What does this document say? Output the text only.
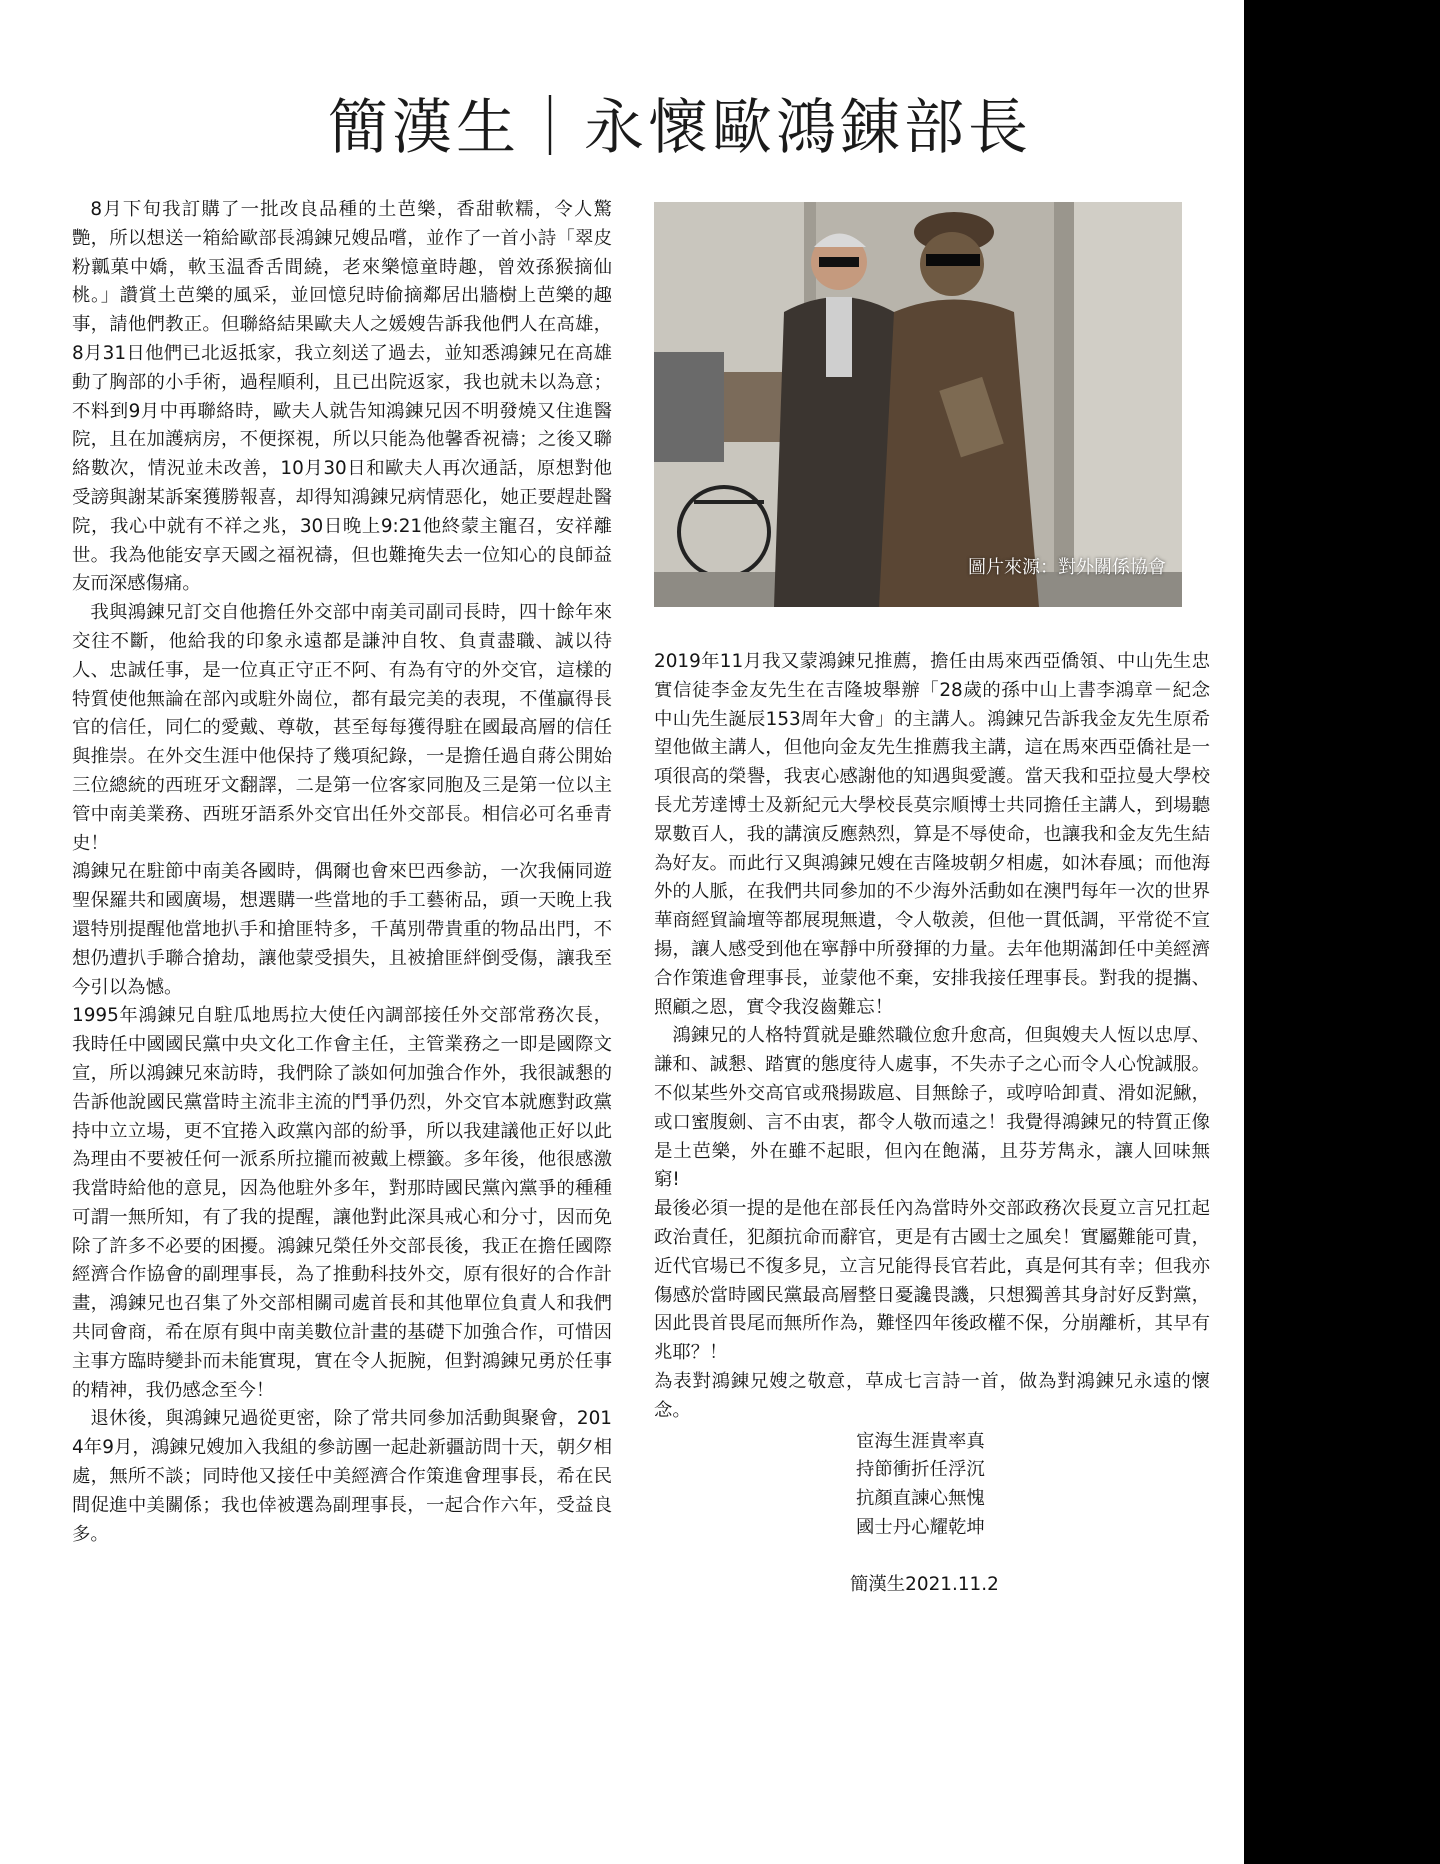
簡漢生｜永懷歐鴻錬部長

8月下旬我訂購了一批改良品種的土芭樂，香甜軟糯，令人驚艷，所以想送一箱給歐部長鴻錬兄嫂品嚐，並作了一首小詩「翠皮粉瓤菓中嬌，軟玉温香舌間繞，老來樂憶童時趣，曾效孫猴摘仙桃。」讚賞土芭樂的風采，並回憶兒時偷摘鄰居出牆樹上芭樂的趣事，請他們教正。但聯絡結果歐夫人之媛嫂告訴我他們人在高雄，8月31日他們已北返抵家，我立刻送了過去，並知悉鴻錬兄在高雄動了胸部的小手術，過程順利，且已出院返家，我也就未以為意；不料到9月中再聯絡時，歐夫人就告知鴻錬兄因不明發燒又住進醫院，且在加護病房，不便探視，所以只能為他馨香祝禱；之後又聯絡數次，情況並未改善，10月30日和歐夫人再次通話，原想對他受謗與謝某訴案獲勝報喜，却得知鴻錬兄病情惡化，她正要趕赴醫院，我心中就有不祥之兆，30日晚上9:21他終蒙主寵召，安祥離世。我為他能安享天國之福祝禱，但也難掩失去一位知心的良師益友而深感傷痛。

我與鴻錬兄訂交自他擔任外交部中南美司副司長時，四十餘年來交往不斷，他給我的印象永遠都是謙沖自牧、負責盡職、誠以待人、忠誠任事，是一位真正守正不阿、有為有守的外交官，這樣的特質使他無論在部內或駐外崗位，都有最完美的表現，不僅贏得長官的信任，同仁的愛戴、尊敬，甚至每每獲得駐在國最高層的信任與推崇。在外交生涯中他保持了幾項紀錄，一是擔任過自蔣公開始三位總統的西班牙文翻譯，二是第一位客家同胞及三是第一位以主管中南美業務、西班牙語系外交官出任外交部長。相信必可名垂青史！

鴻錬兄在駐節中南美各國時，偶爾也會來巴西參訪，一次我倆同遊聖保羅共和國廣場，想選購一些當地的手工藝術品，頭一天晚上我還特別提醒他當地扒手和搶匪特多，千萬別帶貴重的物品出門，不想仍遭扒手聯合搶劫，讓他蒙受損失，且被搶匪絆倒受傷，讓我至今引以為憾。

1995年鴻錬兄自駐瓜地馬拉大使任內調部接任外交部常務次長，我時任中國國民黨中央文化工作會主任，主管業務之一即是國際文宣，所以鴻錬兄來訪時，我們除了談如何加強合作外，我很誠懇的告訴他說國民黨當時主流非主流的鬥爭仍烈，外交官本就應對政黨持中立立場，更不宜捲入政黨內部的紛爭，所以我建議他正好以此為理由不要被任何一派系所拉攏而被戴上標籤。多年後，他很感激我當時給他的意見，因為他駐外多年，對那時國民黨內黨爭的種種可謂一無所知，有了我的提醒，讓他對此深具戒心和分寸，因而免除了許多不必要的困擾。鴻錬兄榮任外交部長後，我正在擔任國際經濟合作協會的副理事長，為了推動科技外交，原有很好的合作計畫，鴻錬兄也召集了外交部相關司處首長和其他單位負責人和我們共同會商，希在原有與中南美數位計畫的基礎下加強合作，可惜因主事方臨時變卦而未能實現，實在令人扼腕，但對鴻錬兄勇於任事的精神，我仍感念至今！

退休後，與鴻錬兄過從更密，除了常共同參加活動與聚會，2014年9月，鴻錬兄嫂加入我組的參訪團一起赴新疆訪問十天，朝夕相處，無所不談；同時他又接任中美經濟合作策進會理事長，希在民間促進中美關係；我也倖被選為副理事長，一起合作六年，受益良多。

圖片來源：對外關係協會

2019年11月我又蒙鴻錬兄推薦，擔任由馬來西亞僑領、中山先生忠實信徒李金友先生在吉隆坡舉辦「28歲的孫中山上書李鴻章－紀念中山先生誕辰153周年大會」的主講人。鴻錬兄告訴我金友先生原希望他做主講人，但他向金友先生推薦我主講，這在馬來西亞僑社是一項很高的榮譽，我衷心感謝他的知遇與愛護。當天我和亞拉曼大學校長尤芳達博士及新紀元大學校長莫宗順博士共同擔任主講人，到場聽眾數百人，我的講演反應熱烈，算是不辱使命，也讓我和金友先生結為好友。而此行又與鴻錬兄嫂在吉隆坡朝夕相處，如沐春風；而他海外的人脈，在我們共同參加的不少海外活動如在澳門每年一次的世界華商經貿論壇等都展現無遺，令人敬羨，但他一貫低調，平常從不宣揚，讓人感受到他在寧靜中所發揮的力量。去年他期滿卸任中美經濟合作策進會理事長，並蒙他不棄，安排我接任理事長。對我的提攜、照顧之恩，實令我沒齒難忘！

鴻錬兄的人格特質就是雖然職位愈升愈高，但與嫂夫人恆以忠厚、謙和、誠懇、踏實的態度待人處事，不失赤子之心而令人心悅誠服。不似某些外交高官或飛揚跋扈、目無餘子，或哼哈卸責、滑如泥鰍，或口蜜腹劍、言不由衷，都令人敬而遠之！我覺得鴻錬兄的特質正像是土芭樂，外在雖不起眼，但內在飽滿，且芬芳雋永，讓人回味無窮!

最後必須一提的是他在部長任內為當時外交部政務次長夏立言兄扛起政治責任，犯顏抗命而辭官，更是有古國士之風矣！實屬難能可貴，近代官場已不復多見，立言兄能得長官若此，真是何其有幸；但我亦傷感於當時國民黨最高層整日憂讒畏譏，只想獨善其身討好反對黨，因此畏首畏尾而無所作為，難怪四年後政權不保，分崩離析，其早有兆耶？！

為表對鴻錬兄嫂之敬意，草成七言詩一首，做為對鴻錬兄永遠的懷念。

宦海生涯貴率真
持節衝折任浮沉
抗顏直諫心無愧
國士丹心耀乾坤
簡漢生2021.11.2
